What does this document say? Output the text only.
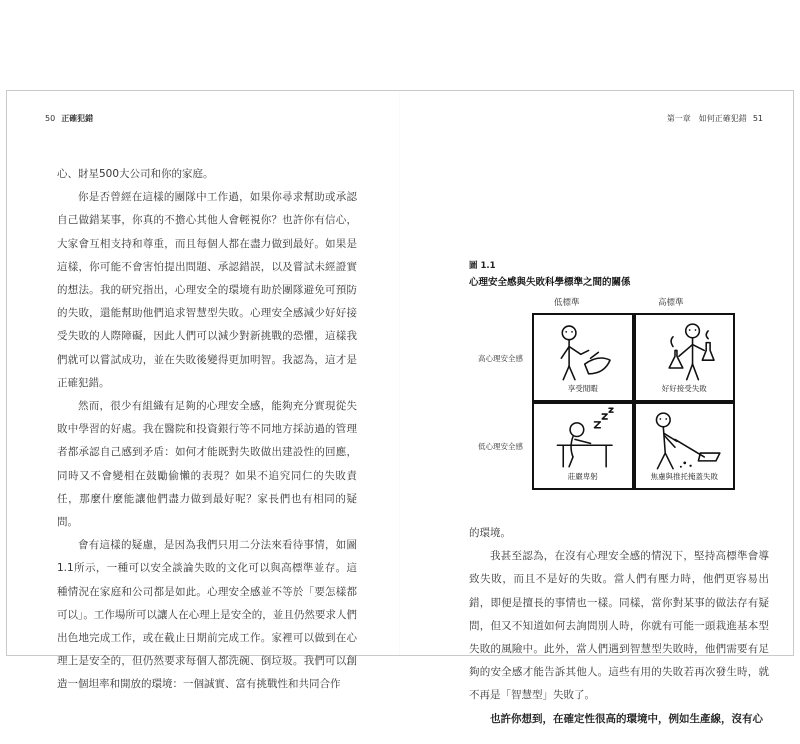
50 正確犯錯	第一章　如何正確犯錯 51

心、財星500大公司和你的家庭。

你是否曾經在這樣的團隊中工作過，如果你尋求幫助或承認自己做錯某事，你真的不擔心其他人會輕視你？也許你有信心，大家會互相支持和尊重，而且每個人都在盡力做到最好。如果是這樣，你可能不會害怕提出問題、承認錯誤，以及嘗試未經證實的想法。我的研究指出，心理安全的環境有助於團隊避免可預防的失敗，還能幫助他們追求智慧型失敗。心理安全感減少好好接受失敗的人際障礙，因此人們可以減少對新挑戰的恐懼，這樣我們就可以嘗試成功，並在失敗後變得更加明智。我認為，這才是正確犯錯。

然而，很少有組織有足夠的心理安全感，能夠充分實現從失敗中學習的好處。我在醫院和投資銀行等不同地方採訪過的管理者都承認自己感到矛盾：如何才能既對失敗做出建設性的回應，同時又不會變相在鼓勵偷懶的表現？如果不追究同仁的失敗責任，那麼什麼能讓他們盡力做到最好呢？家長們也有相同的疑問。

會有這樣的疑慮，是因為我們只用二分法來看待事情，如圖1.1所示，一種可以安全談論失敗的文化可以與高標準並存。這種情況在家庭和公司都是如此。心理安全感並不等於「要怎樣都可以」。工作場所可以讓人在心理上是安全的，並且仍然要求人們出色地完成工作，或在截止日期前完成工作。家裡可以做到在心理上是安全的，但仍然要求每個人都洗碗、倒垃圾。我們可以創造一個坦率和開放的環境：一個誠實、富有挑戰性和共同合作

圖 1.1
心理安全感與失敗科學標準之間的關係
低標準	高標準
高心理安全感
低心理安全感
享受閒暇	好好接受失敗
莊嚴卑躬	焦慮與推托掩蓋失敗

的環境。

我甚至認為，在沒有心理安全感的情況下，堅持高標準會導致失敗，而且不是好的失敗。當人們有壓力時，他們更容易出錯，即便是擅長的事情也一樣。同樣，當你對某事的做法存有疑問，但又不知道如何去詢問別人時，你就有可能一頭栽進基本型失敗的風險中。此外，當人們遇到智慧型失敗時，他們需要有足夠的安全感才能告訴其他人。這些有用的失敗若再次發生時，就不再是「智慧型」失敗了。

也許你想到，在確定性很高的環境中，例如生產線，沒有心
